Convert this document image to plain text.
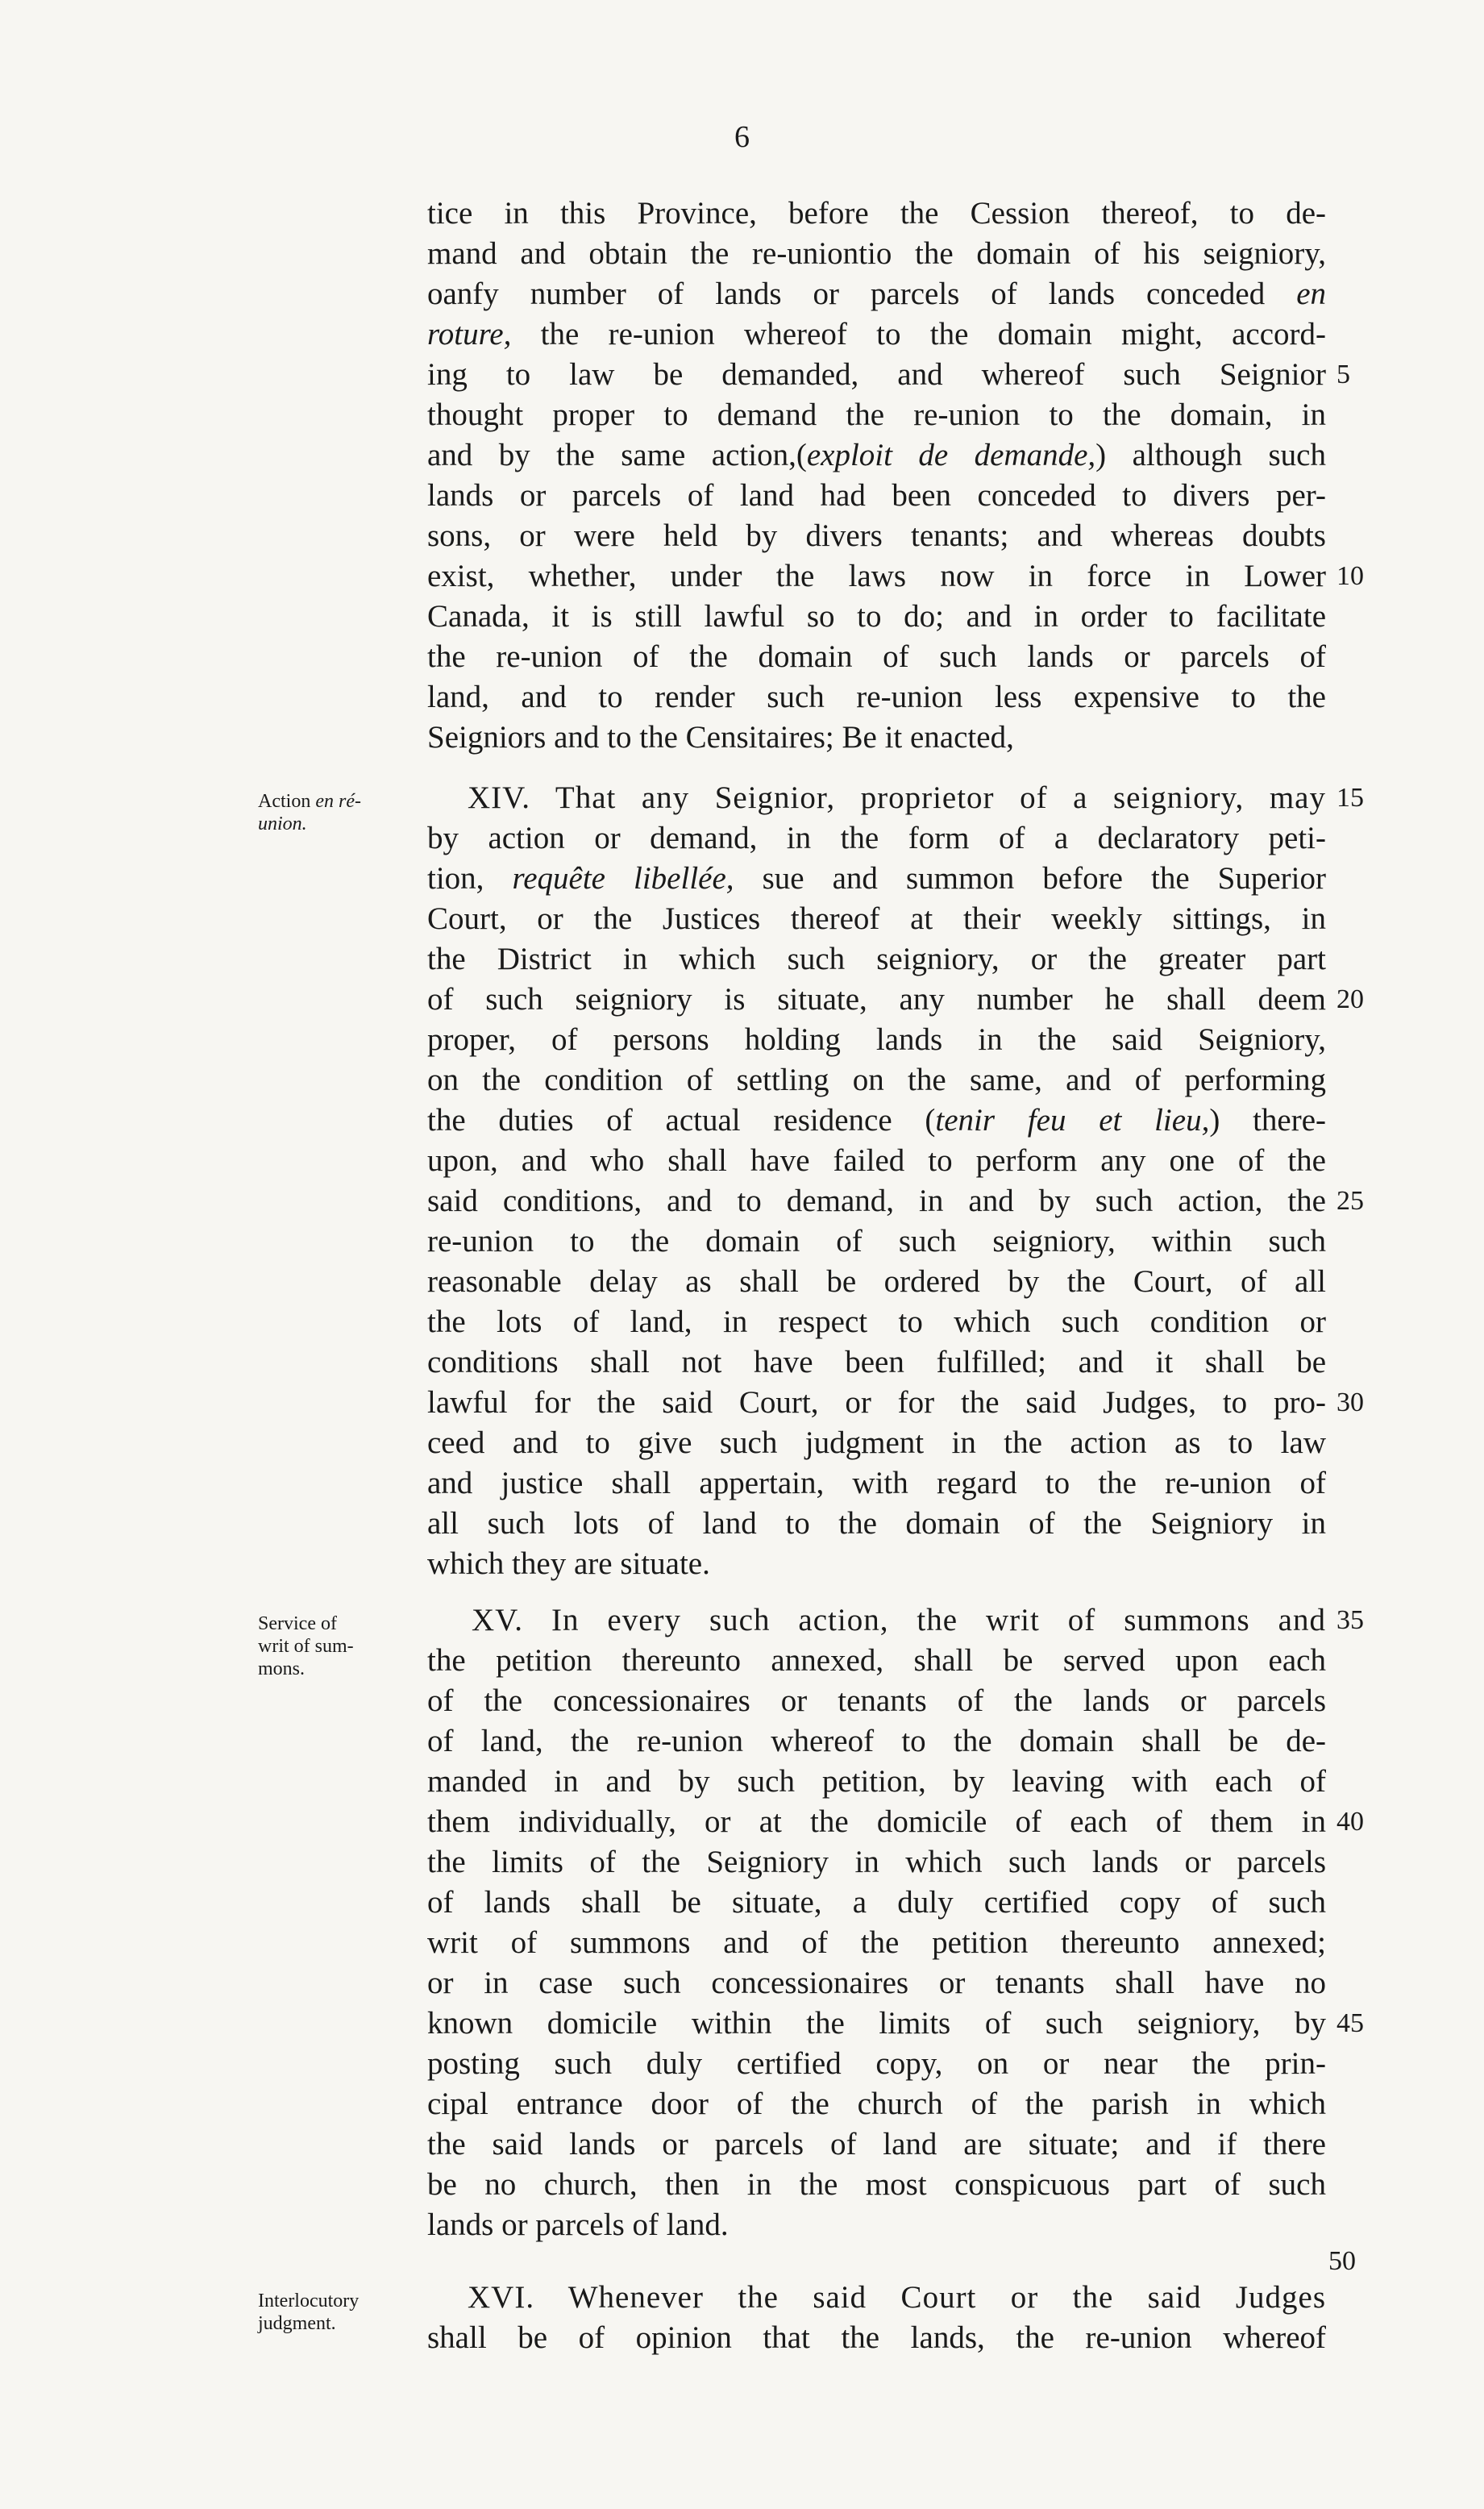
6
tice in this Province, before the Cession thereof, to de-
mand and obtain the re-uniontio the domain of his seigniory,
oanfy number of lands or parcels of lands conceded en
roture, the re-union whereof to the domain might, accord-
ing to law be demanded, and whereof such Seignior
thought proper to demand the re-union to the domain, in
and by the same action,(exploit de demande,) although such
lands or parcels of land had been conceded to divers per-
sons, or were held by divers tenants; and whereas doubts
exist, whether, under the laws now in force in Lower
Canada, it is still lawful so to do; and in order to facilitate
the re-union of the domain of such lands or parcels of
land, and to render such re-union less expensive to the
Seigniors and to the Censitaires; Be it enacted,
Action en ré-
union.
XIV. That any Seignior, proprietor of a seigniory, may
by action or demand, in the form of a declaratory peti-
tion, requête libellée, sue and summon before the Superior
Court, or the Justices thereof at their weekly sittings, in
the District in which such seigniory, or the greater part
of such seigniory is situate, any number he shall deem
proper, of persons holding lands in the said Seigniory,
on the condition of settling on the same, and of performing
the duties of actual residence (tenir feu et lieu,) there-
upon, and who shall have failed to perform any one of the
said conditions, and to demand, in and by such action, the
re-union to the domain of such seigniory, within such
reasonable delay as shall be ordered by the Court, of all
the lots of land, in respect to which such condition or
conditions shall not have been fulfilled; and it shall be
lawful for the said Court, or for the said Judges, to pro-
ceed and to give such judgment in the action as to law
and justice shall appertain, with regard to the re-union of
all such lots of land to the domain of the Seigniory in
which they are situate.
Service of
writ of sum-
mons.
XV. In every such action, the writ of summons and
the petition thereunto annexed, shall be served upon each
of the concessionaires or tenants of the lands or parcels
of land, the re-union whereof to the domain shall be de-
manded in and by such petition, by leaving with each of
them individually, or at the domicile of each of them in
the limits of the Seigniory in which such lands or parcels
of lands shall be situate, a duly certified copy of such
writ of summons and of the petition thereunto annexed;
or in case such concessionaires or tenants shall have no
known domicile within the limits of such seigniory, by
posting such duly certified copy, on or near the prin-
cipal entrance door of the church of the parish in which
the said lands or parcels of land are situate; and if there
be no church, then in the most conspicuous part of such
lands or parcels of land.
Interlocutory
judgment.
XVI. Whenever the said Court or the said Judges
shall be of opinion that the lands, the re-union whereof
5
10
15
20
25
30
35
40
45
50
